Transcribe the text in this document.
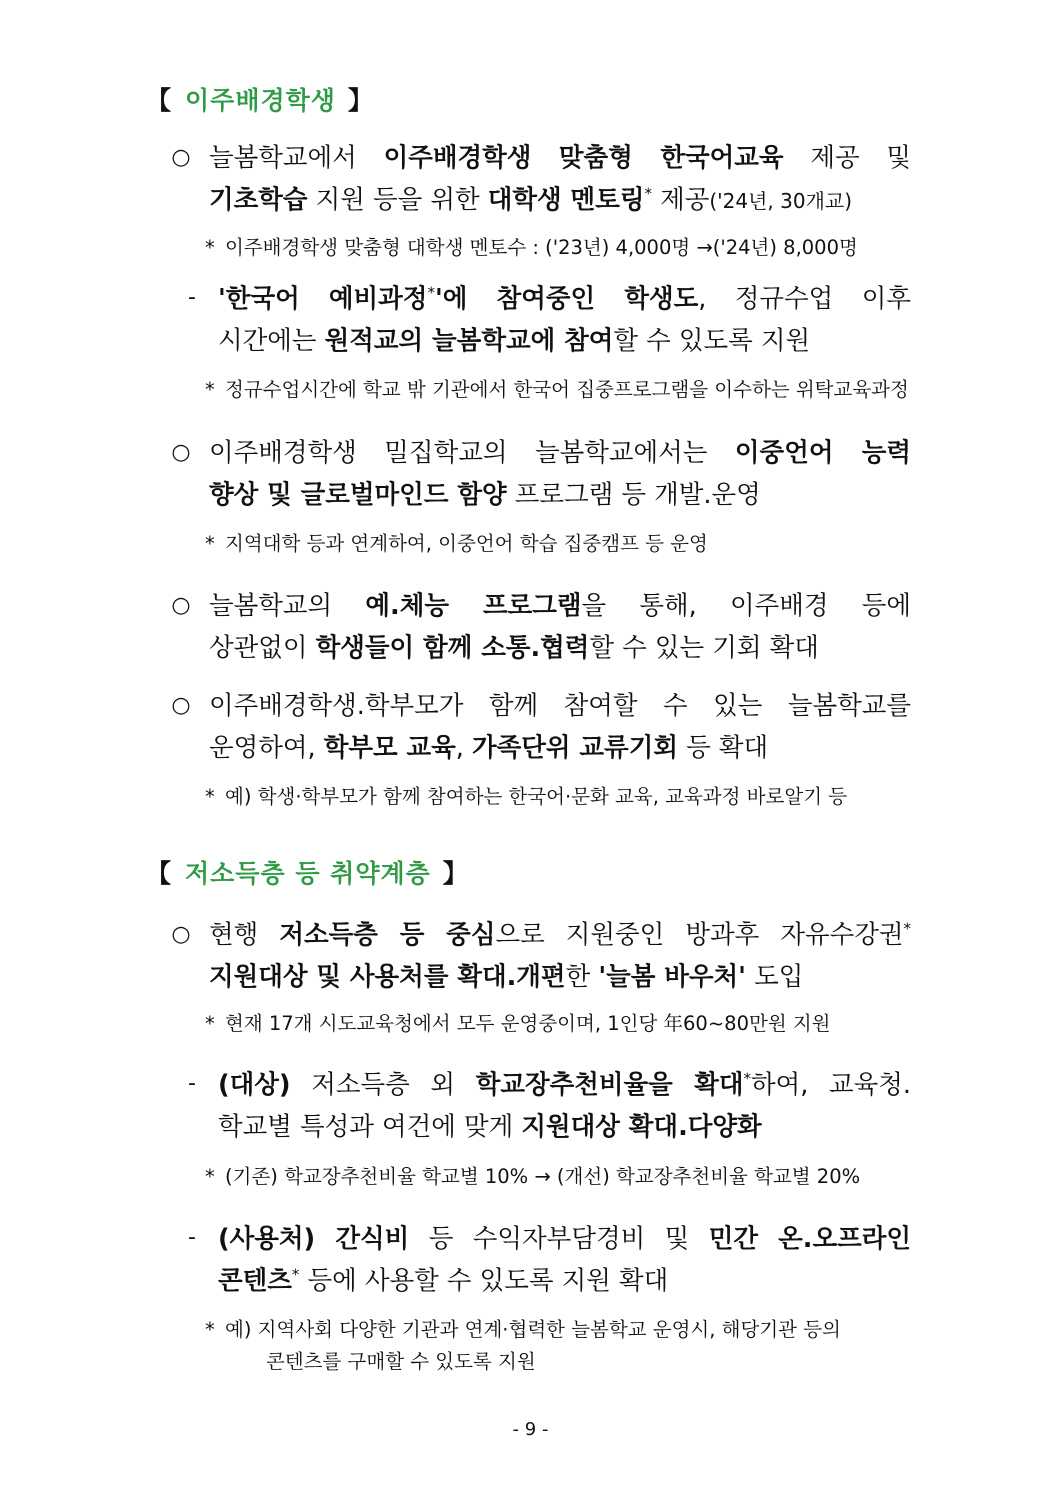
【 이주배경학생 】
○ 늘봄학교에서 이주배경학생 맞춤형 한국어교육 제공 및
기초학습 지원 등을 위한 대학생 멘토링* 제공('24년, 30개교)
* 이주배경학생 맞춤형 대학생 멘토수 : ('23년) 4,000명 →('24년) 8,000명
- '한국어 예비과정*'에 참여중인 학생도, 정규수업 이후
시간에는 원적교의 늘봄학교에 참여할 수 있도록 지원
* 정규수업시간에 학교 밖 기관에서 한국어 집중프로그램을 이수하는 위탁교육과정
○ 이주배경학생 밀집학교의 늘봄학교에서는 이중언어 능력
향상 및 글로벌마인드 함양 프로그램 등 개발.운영
* 지역대학 등과 연계하여, 이중언어 학습 집중캠프 등 운영
○ 늘봄학교의 예.체능 프로그램을 통해, 이주배경 등에
상관없이 학생들이 함께 소통.협력할 수 있는 기회 확대
○ 이주배경학생.학부모가 함께 참여할 수 있는 늘봄학교를
운영하여, 학부모 교육, 가족단위 교류기회 등 확대
* 예) 학생·학부모가 함께 참여하는 한국어·문화 교육, 교육과정 바로알기 등
【 저소득층 등 취약계층 】
○ 현행 저소득층 등 중심으로 지원중인 방과후 자유수강권*
지원대상 및 사용처를 확대.개편한 '늘봄 바우처' 도입
* 현재 17개 시도교육청에서 모두 운영중이며, 1인당 年60~80만원 지원
- (대상) 저소득층 외 학교장추천비율을 확대*하여, 교육청.
학교별 특성과 여건에 맞게 지원대상 확대.다양화
* (기존) 학교장추천비율 학교별 10% → (개선) 학교장추천비율 학교별 20%
- (사용처) 간식비 등 수익자부담경비 및 민간 온.오프라인
콘텐츠* 등에 사용할 수 있도록 지원 확대
* 예) 지역사회 다양한 기관과 연계·협력한 늘봄학교 운영시, 해당기관 등의
콘텐츠를 구매할 수 있도록 지원
- 9 -
